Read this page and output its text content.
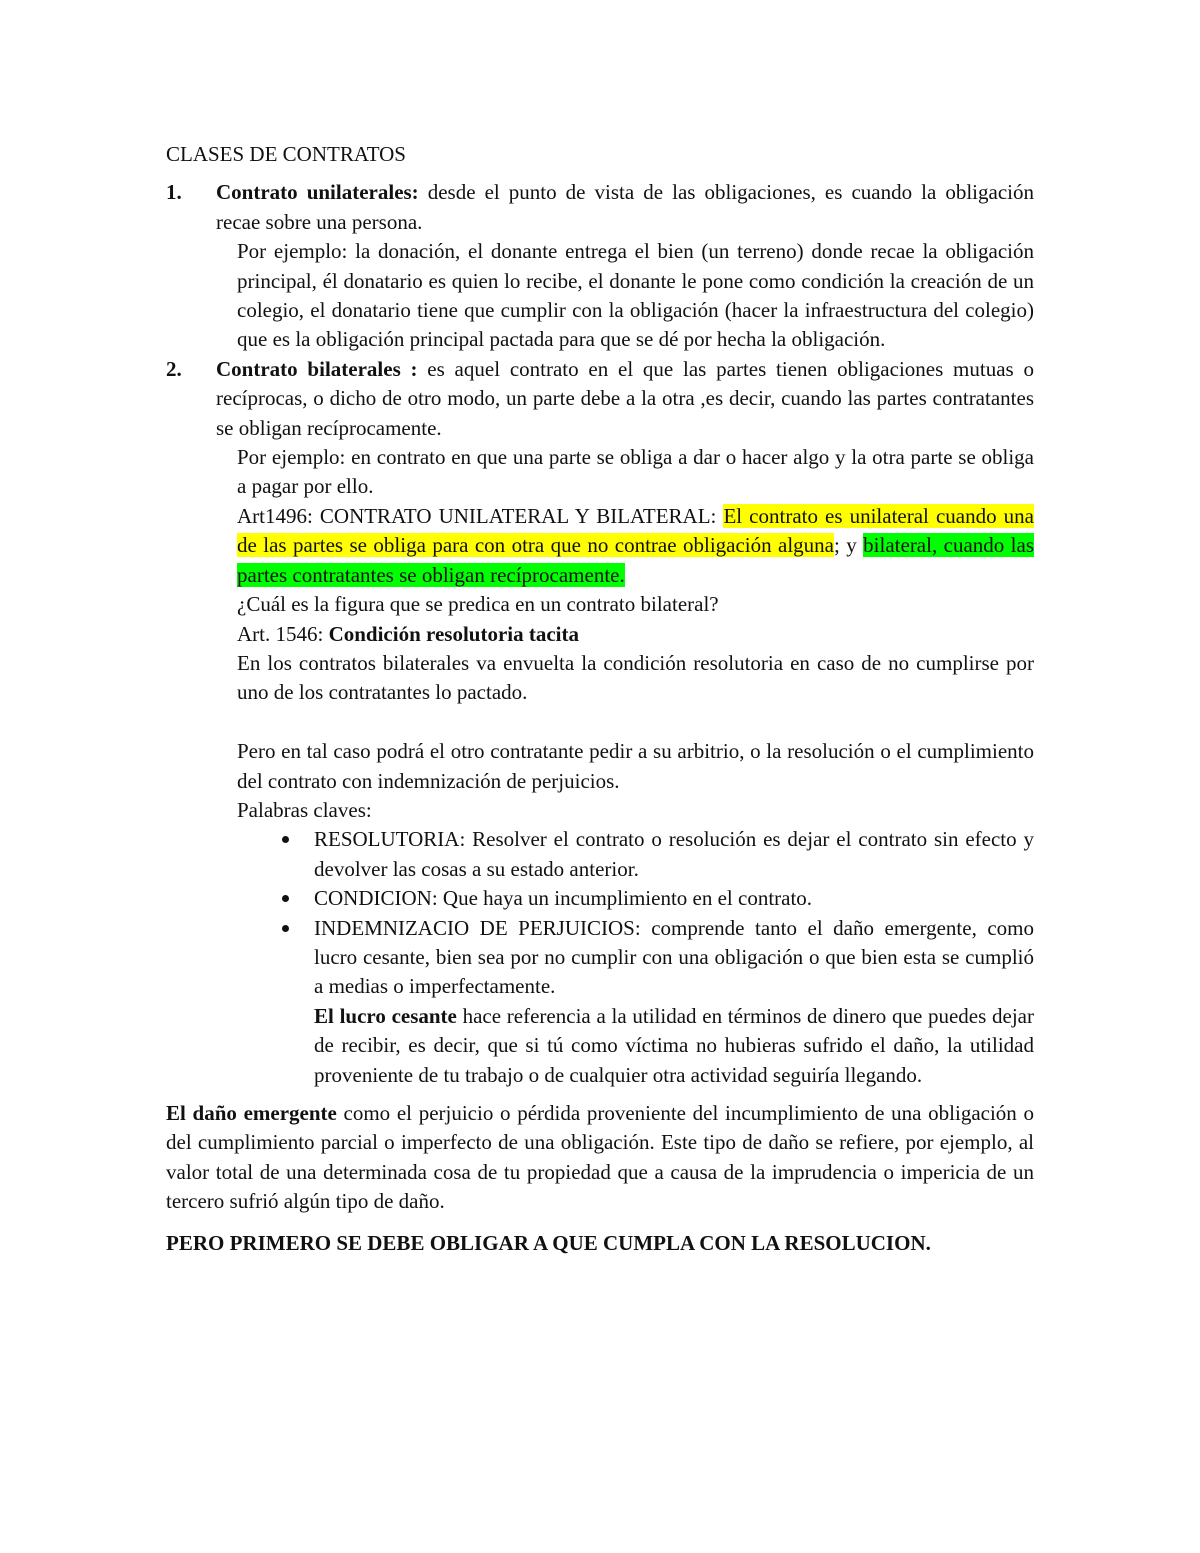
CLASES DE CONTRATOS
1.	Contrato unilaterales: desde el punto de vista de las obligaciones, es cuando la obligación recae sobre una persona.
Por ejemplo: la donación, el donante entrega el bien (un terreno) donde recae la obligación principal, él donatario es quien lo recibe, el donante le pone como condición la creación de un colegio, el donatario tiene que cumplir con la obligación (hacer la infraestructura del colegio) que es la obligación principal pactada para que se dé por hecha la obligación.
2.	Contrato bilaterales : es aquel contrato en el que las partes tienen obligaciones mutuas o recíprocas, o dicho de otro modo, un parte debe a la otra ,es decir, cuando las partes contratantes se obligan recíprocamente.
Por ejemplo: en contrato en que una parte se obliga a dar o hacer algo y la otra parte se obliga a pagar por ello.
Art1496: CONTRATO UNILATERAL Y BILATERAL: El contrato es unilateral cuando una de las partes se obliga para con otra que no contrae obligación alguna; y bilateral, cuando las partes contratantes se obligan recíprocamente.
¿Cuál es la figura que se predica en un contrato bilateral?
Art. 1546: Condición resolutoria tacita
En los contratos bilaterales va envuelta la condición resolutoria en caso de no cumplirse por uno de los contratantes lo pactado.
Pero en tal caso podrá el otro contratante pedir a su arbitrio, o la resolución o el cumplimiento del contrato con indemnización de perjuicios.
Palabras claves:
RESOLUTORIA: Resolver el contrato o resolución es dejar el contrato sin efecto y devolver las cosas a su estado anterior.
CONDICION: Que haya un incumplimiento en el contrato.
INDEMNIZACIO DE PERJUICIOS: comprende tanto el daño emergente, como lucro cesante, bien sea por no cumplir con una obligación o que bien esta se cumplió a medias o imperfectamente.
El lucro cesante hace referencia a la utilidad en términos de dinero que puedes dejar de recibir, es decir, que si tú como víctima no hubieras sufrido el daño, la utilidad proveniente de tu trabajo o de cualquier otra actividad seguiría llegando.
El daño emergente como el perjuicio o pérdida proveniente del incumplimiento de una obligación o del cumplimiento parcial o imperfecto de una obligación. Este tipo de daño se refiere, por ejemplo, al valor total de una determinada cosa de tu propiedad que a causa de la imprudencia o impericia de un tercero sufrió algún tipo de daño.
PERO PRIMERO SE DEBE OBLIGAR A QUE CUMPLA CON LA RESOLUCION.
